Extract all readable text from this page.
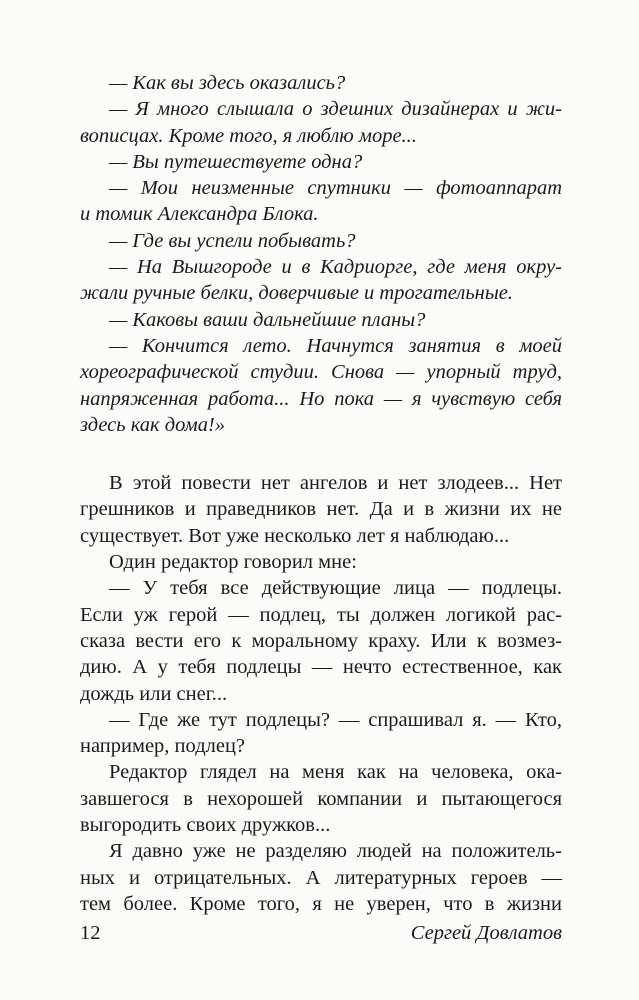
— Как вы здесь оказались?
— Я много слышала о здешних дизайнерах и жи-
вописцах. Кроме того, я люблю море...
— Вы путешествуете одна?
— Мои неизменные спутники — фотоаппарат
и томик Александра Блока.
— Где вы успели побывать?
— На Вышгороде и в Кадриорге, где меня окру-
жали ручные белки, доверчивые и трогательные.
— Каковы ваши дальнейшие планы?
— Кончится лето. Начнутся занятия в моей
хореографической студии. Снова — упорный труд,
напряженная работа... Но пока — я чувствую себя
здесь как дома!»
В этой повести нет ангелов и нет злодеев... Нет
грешников и праведников нет. Да и в жизни их не
существует. Вот уже несколько лет я наблюдаю...
Один редактор говорил мне:
— У тебя все действующие лица — подлецы.
Если уж герой — подлец, ты должен логикой рас-
сказа вести его к моральному краху. Или к возмез-
дию. А у тебя подлецы — нечто естественное, как
дождь или снег...
— Где же тут подлецы? — спрашивал я. — Кто,
например, подлец?
Редактор глядел на меня как на человека, ока-
завшегося в нехорошей компании и пытающегося
выгородить своих дружков...
Я давно уже не разделяю людей на положитель-
ных и отрицательных. А литературных героев —
тем более. Кроме того, я не уверен, что в жизни
12	Сергей Довлатов
